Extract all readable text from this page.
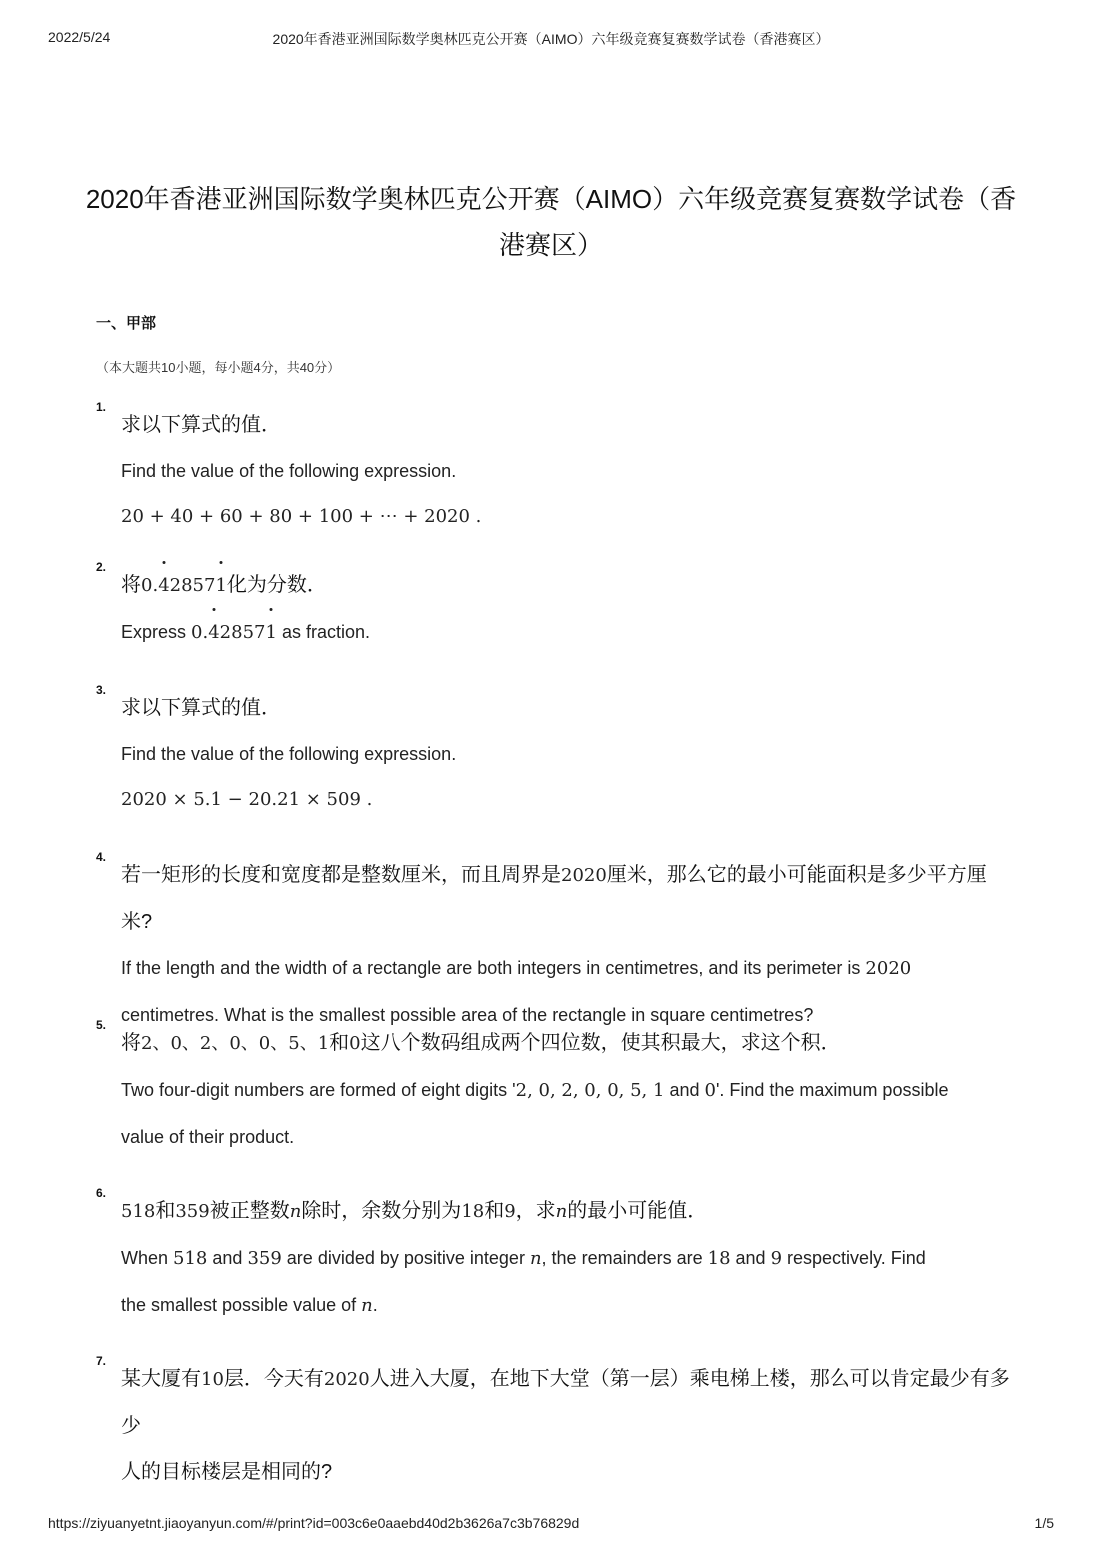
2022/5/24	2020年香港亚洲国际数学奥林匹克公开赛（AIMO）六年级竞赛复赛数学试卷（香港赛区）
2020年香港亚洲国际数学奥林匹克公开赛（AIMO）六年级竞赛复赛数学试卷（香
港赛区）
一、甲部
（本大题共10小题，每小题4分，共40分）
1.
求以下算式的值．
Find the value of the following expression.
20 + 40 + 60 + 80 + 100 + ⋯ + 2020 .
2.
将0.428571化为分数．
Express 0.428571 as fraction.
3.
求以下算式的值．
Find the value of the following expression.
2020 × 5.1 − 20.21 × 509 .
4.
若一矩形的长度和宽度都是整数厘米，而且周界是2020厘米，那么它的最小可能面积是多少平方厘米?
If the length and the width of a rectangle are both integers in centimetres, and its perimeter is 2020
centimetres. What is the smallest possible area of the rectangle in square centimetres?
5.
将2、0、2、0、0、5、1和0这八个数码组成两个四位数，使其积最大，求这个积．
Two four-digit numbers are formed of eight digits '2, 0, 2, 0, 0, 5, 1 and 0'. Find the maximum possible
value of their product.
6.
518和359被正整数n除时，余数分别为18和9，求n的最小可能值．
When 518 and 359 are divided by positive integer n, the remainders are 18 and 9 respectively. Find
the smallest possible value of n.
7.
某大厦有10层．今天有2020人进入大厦，在地下大堂（第一层）乘电梯上楼，那么可以肯定最少有多少
人的目标楼层是相同的?
https://ziyuanyetnt.jiaoyanyun.com/#/print?id=003c6e0aaebd40d2b3626a7c3b76829d	1/5
